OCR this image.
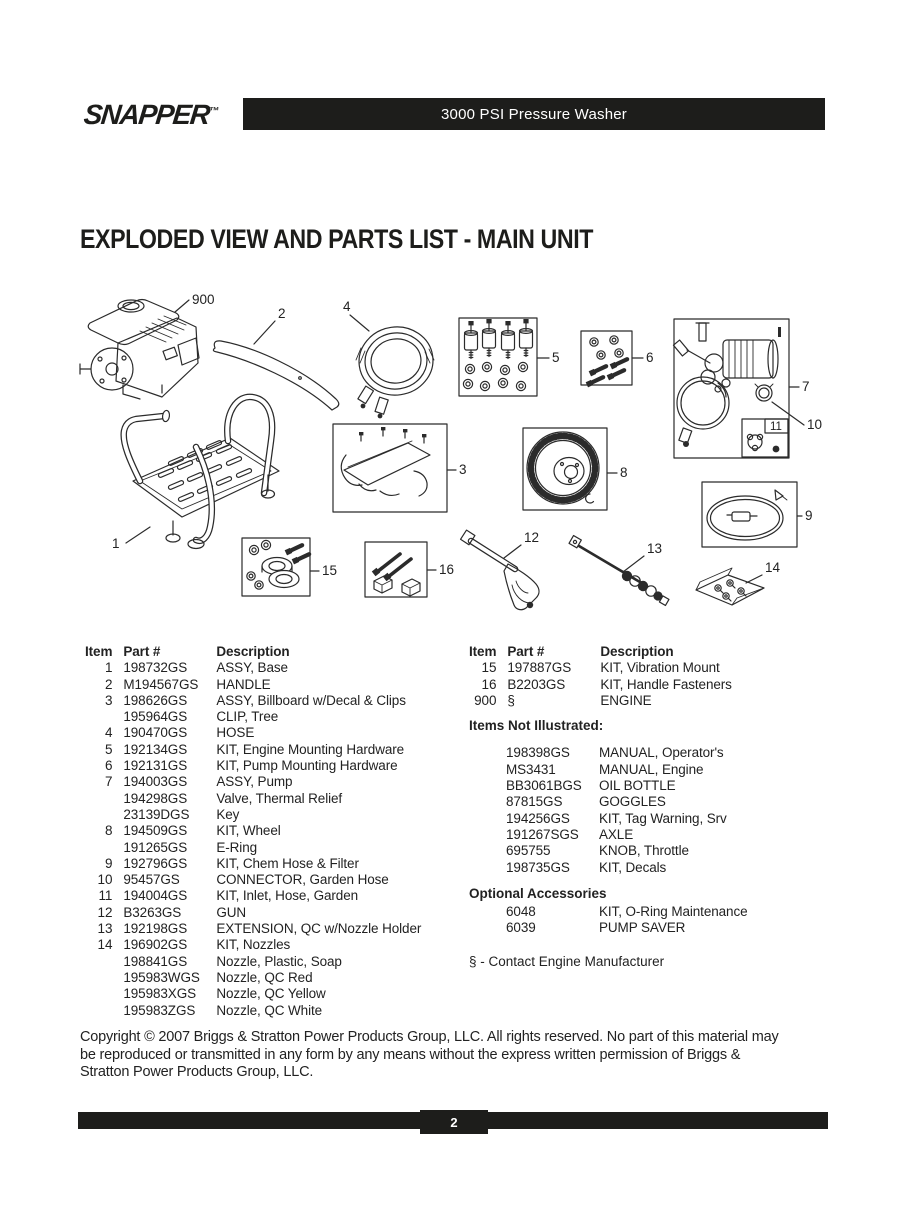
SNAPPER™	3000 PSI Pressure Washer
EXPLODED VIEW AND PARTS LIST - MAIN UNIT
900
2	4
5	6
11
7
10
3	8
9
1
15	16
12
13
14
Item	Part #	Description
1	198732GS	ASSY, Base
2	M194567GS	HANDLE
3	198626GS	ASSY, Billboard w/Decal & Clips
	195964GS	CLIP, Tree
4	190470GS	HOSE
5	192134GS	KIT, Engine Mounting Hardware
6	192131GS	KIT, Pump Mounting Hardware
7	194003GS	ASSY, Pump
	194298GS	Valve, Thermal Relief
	23139DGS	Key
8	194509GS	KIT, Wheel
	191265GS	E-Ring
9	192796GS	KIT, Chem Hose & Filter
10	95457GS	CONNECTOR, Garden Hose
11	194004GS	KIT, Inlet, Hose, Garden
12	B3263GS	GUN
13	192198GS	EXTENSION, QC w/Nozzle Holder
14	196902GS	KIT, Nozzles
	198841GS	Nozzle, Plastic, Soap
	195983WGS	Nozzle, QC Red
	195983XGS	Nozzle, QC Yellow
	195983ZGS	Nozzle, QC White
Item	Part #	Description
15	197887GS	KIT, Vibration Mount
16	B2203GS	KIT, Handle Fasteners
900	§	ENGINE
Items Not Illustrated:
	198398GS	MANUAL, Operator's
	MS3431	MANUAL, Engine
	BB3061BGS	OIL BOTTLE
	87815GS	GOGGLES
	194256GS	KIT, Tag Warning, Srv
	191267SGS	AXLE
	695755	KNOB, Throttle
	198735GS	KIT, Decals
Optional Accessories
	6048	KIT, O-Ring Maintenance
	6039	PUMP SAVER
§ - Contact Engine Manufacturer
Copyright © 2007 Briggs & Stratton Power Products Group, LLC. All rights reserved. No part of this material may be reproduced or transmitted in any form by any means without the express written permission of Briggs & Stratton Power Products Group, LLC.
2
